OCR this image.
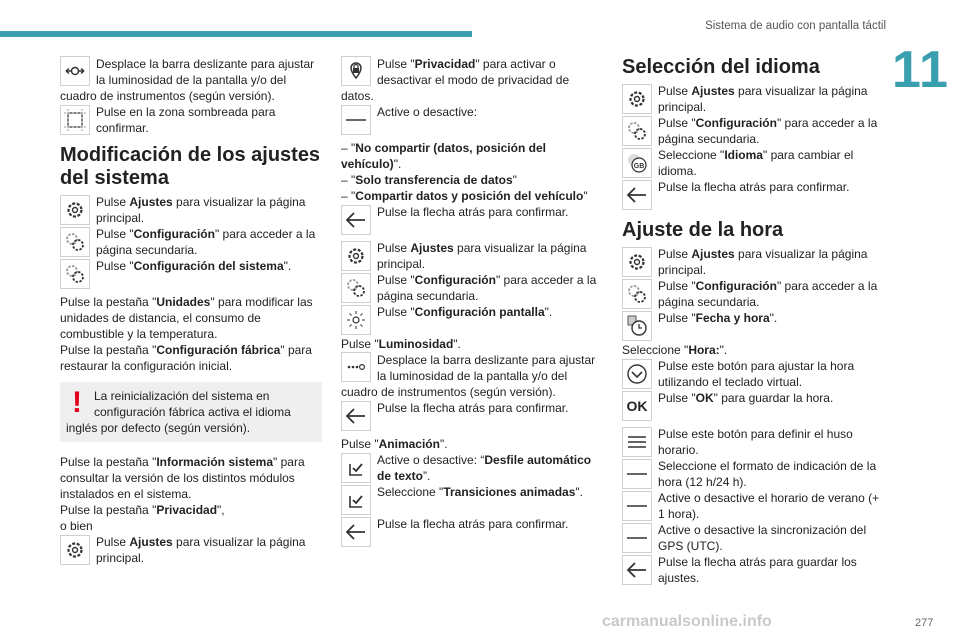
Sistema de audio con pantalla táctil
11
Desplace la barra deslizante para ajustar la luminosidad de la pantalla y/o del cuadro de instrumentos (según versión).
Pulse en la zona sombreada para confirmar.
Modificación de los ajustes del sistema
Pulse Ajustes para visualizar la página principal.
Pulse "Configuración" para acceder a la página secundaria.
Pulse "Configuración del sistema".

Pulse la pestaña "Unidades" para modificar las unidades de distancia, el consumo de combustible y la temperatura.

Pulse la pestaña "Configuración fábrica" para restaurar la configuración inicial.

!	La reinicialización del sistema en configuración fábrica activa el idioma inglés por defecto (según versión).

Pulse la pestaña "Información sistema" para consultar la versión de los distintos módulos instalados en el sistema.

Pulse la pestaña "Privacidad",

o bien

Pulse Ajustes para visualizar la página principal.
Pulse "Privacidad" para activar o desactivar el modo de privacidad de datos.
Active o desactive:
– "No compartir (datos, posición del vehículo)".
– "Solo transferencia de datos"
– "Compartir datos y posición del vehículo"
Pulse la flecha atrás para confirmar.
Pulse Ajustes para visualizar la página principal.
Pulse "Configuración" para acceder a la página secundaria.
Pulse "Configuración pantalla".

Pulse "Luminosidad".

Desplace la barra deslizante para ajustar la luminosidad de la pantalla y/o del cuadro de instrumentos (según versión).
Pulse la flecha atrás para confirmar.

Pulse "Animación".

Active o desactive: “Desfile automático de texto”.
Seleccione "Transiciones animadas".
Pulse la flecha atrás para confirmar.
Selección del idioma
Pulse Ajustes para visualizar la página principal.
Pulse "Configuración" para acceder a la página secundaria.
GB
Seleccione "Idioma" para cambiar el idioma.
Pulse la flecha atrás para confirmar.
Ajuste de la hora
Pulse Ajustes para visualizar la página principal.
Pulse "Configuración" para acceder a la página secundaria.
Pulse "Fecha y hora".

Seleccione "Hora:".

Pulse este botón para ajustar la hora utilizando el teclado virtual.
OK Pulse "OK" para guardar la hora.
Pulse este botón para definir el huso horario.
Seleccione el formato de indicación de la hora (12 h/24 h).
Active o desactive el horario de verano (+ 1 hora).
Active o desactive la sincronización del GPS (UTC).
Pulse la flecha atrás para guardar los ajustes.
carmanualsonline.info	277
